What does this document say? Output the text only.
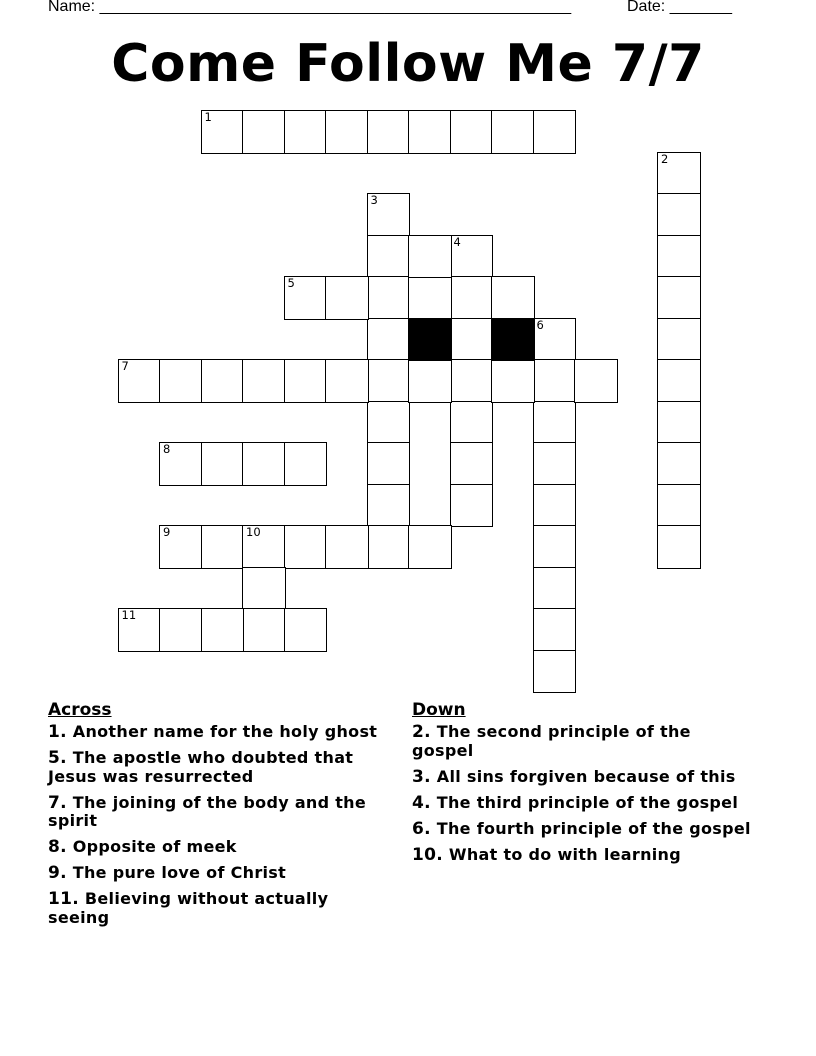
Name: _____________________________________________________	Date: _______
Come Follow Me 7/7
1
2
3
4
5
6
7
8
9	10
11
Across
1. Another name for the holy ghost
5. The apostle who doubted that Jesus was resurrected
7. The joining of the body and the spirit
8. Opposite of meek
9. The pure love of Christ
11. Believing without actually seeing
Down
2. The second principle of the gospel
3. All sins forgiven because of this
4. The third principle of the gospel
6. The fourth principle of the gospel
10. What to do with learning
